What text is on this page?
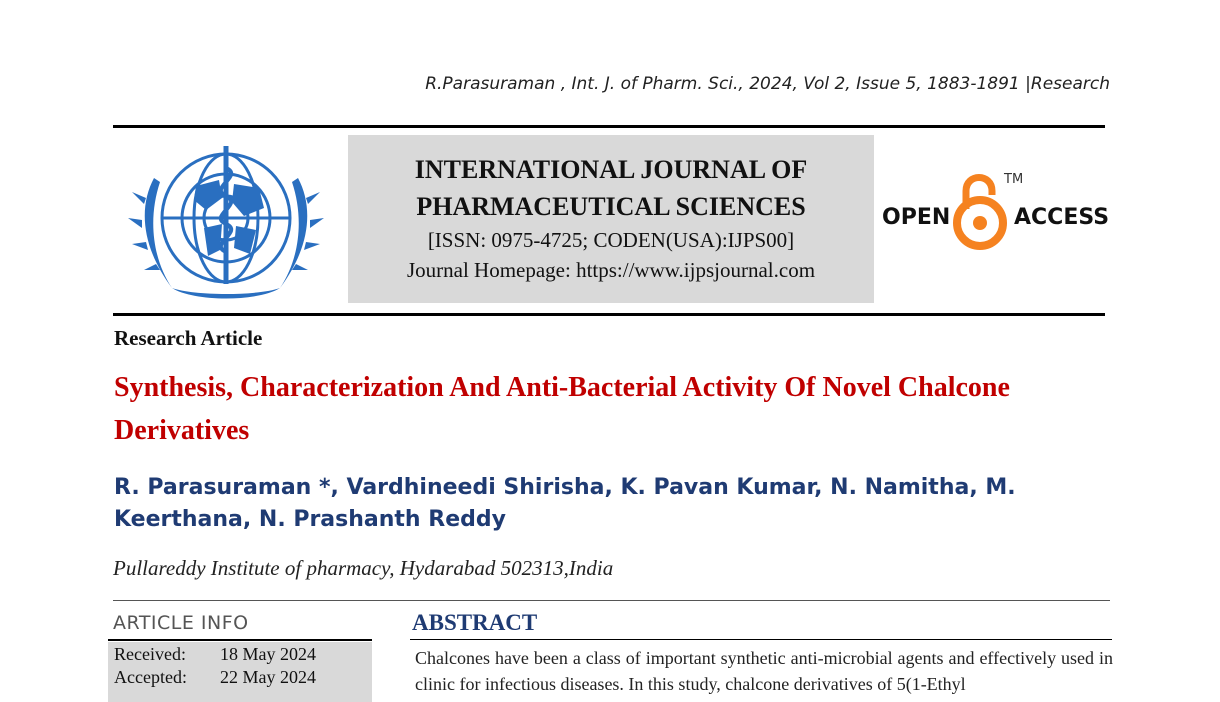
R.Parasuraman , Int. J. of Pharm. Sci., 2024, Vol 2, Issue 5, 1883-1891 |Research
INTERNATIONAL JOURNAL OF
PHARMACEUTICAL SCIENCES
[ISSN: 0975-4725; CODEN(USA):IJPS00]
Journal Homepage: https://www.ijpsjournal.com
OPEN	ACCESS
TM
Research Article
Synthesis, Characterization And Anti-Bacterial Activity Of Novel Chalcone Derivatives
R. Parasuraman *, Vardhineedi Shirisha, K. Pavan Kumar, N. Namitha, M. Keerthana, N. Prashanth Reddy
Pullareddy Institute of pharmacy, Hydarabad 502313,India
ARTICLE INFO
Received: 18 May 2024
Accepted: 22 May 2024
ABSTRACT
Chalcones have been a class of important synthetic anti-microbial agents and effectively used in clinic for infectious diseases. In this study, chalcone derivatives of 5(1-Ethyl
